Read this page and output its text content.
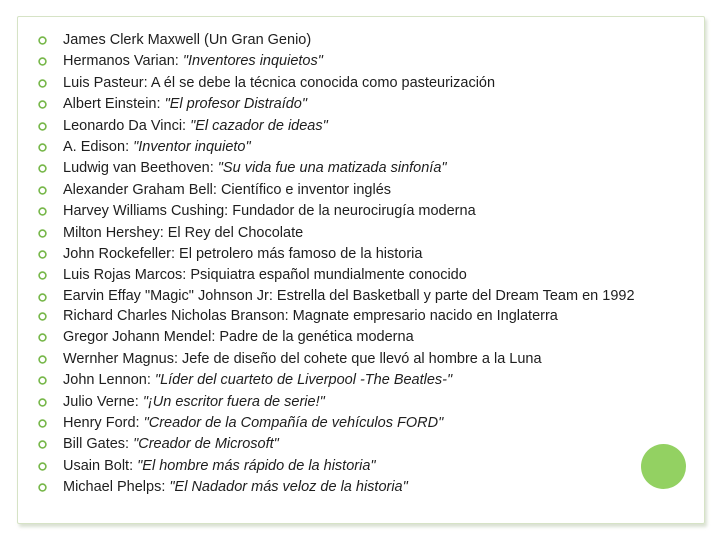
James Clerk Maxwell (Un Gran Genio)
Hermanos Varian: "Inventores inquietos"
Luis Pasteur: A él se debe la técnica conocida como pasteurización
Albert Einstein: "El profesor Distraído"
Leonardo Da Vinci: "El cazador de ideas"
A. Edison: "Inventor inquieto"
Ludwig van Beethoven: "Su vida fue una matizada sinfonía"
Alexander Graham Bell: Científico e inventor inglés
Harvey Williams Cushing: Fundador de la neurocirugía moderna
Milton Hershey: El Rey del Chocolate
John Rockefeller: El petrolero más famoso de la historia
Luis Rojas Marcos: Psiquiatra español mundialmente conocido
Earvin Effay "Magic" Johnson Jr: Estrella del Basketball y parte del Dream Team en 1992
Richard Charles Nicholas Branson: Magnate empresario nacido en Inglaterra
Gregor Johann Mendel: Padre de la genética moderna
Wernher Magnus: Jefe de diseño del cohete que llevó al hombre a la Luna
John Lennon: "Líder del cuarteto de Liverpool -The Beatles-"
Julio Verne: "¡Un escritor fuera de serie!"
Henry Ford: "Creador de la Compañía de vehículos FORD"
Bill Gates: "Creador de Microsoft"
Usain Bolt: "El hombre más rápido de la historia"
Michael Phelps: "El Nadador más veloz de la historia"
